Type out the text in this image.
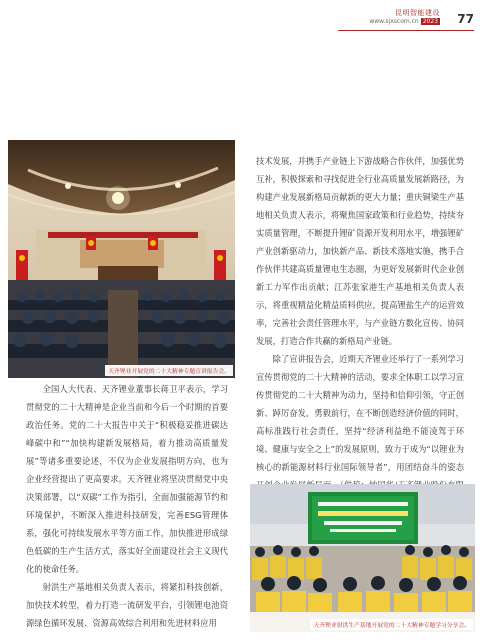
昆明智能建设
www.sjxscom.cn 2023 77
天齐锂业开展党的二十大精神专题宣讲报告会。

全国人大代表、天齐锂业董事长蒋卫平表示，学习贯彻党的二十大精神是企业当前和今后一个时期的首要政治任务。党的二十大报告中关于“积极稳妥推进碳达峰碳中和”“加快构建新发展格局，着力推动高质量发展”等诸多重要论述，不仅为企业发展指明方向，也为企业经营提出了更高要求。天齐锂业将坚决贯彻党中央决策部署，以“双碳”工作为指引，全面加强能源节约和环境保护，不断深入推进科技研发，完善ESG管理体系，强化可持续发展水平等方面工作，加快推进形成绿色低碳的生产生活方式，落实好全面建设社会主义现代化的使命任务。

射洪生产基地相关负责人表示，将紧扣科技创新，加快技术转型，着力打造一流研发平台，引领锂电池资源绿色循环发展、资源高效综合利用和先进材料应用

技术发展，并携手产业链上下游战略合作伙伴，加强优势互补，积极探索和寻找促进全行业高质量发展新路径，为构建产业发展新格局贡献新的更大力量；重庆铜梁生产基地相关负责人表示，将聚焦国家政策和行业趋势，持续夯实质量管理，不断提升锂矿资源开发利用水平，增强锂矿产业创新驱动力，加快新产品、新技术落地实施，携手合作伙伴共建高质量锂电生态圈，为更好发展新时代企业创新工力军作出贡献；江苏张家港生产基地相关负责人表示，将重视精益化精益质料供应，提高锂盐生产的运营效率，完善社会责任管理水平，与产业链方数化宣传、协同发展，打造合作共赢的新格局产业链。

除了宣讲报告会，近期天齐锂业还举行了一系列学习宣传贯彻党的二十大精神的活动，要求全体职工以学习宣传贯彻党的二十大精神为动力，坚持和信仰引领，守正创新、踔厉奋发，勇毅前行，在不断创造经济价值的同时，高标准践行社会责任，坚持“经济利益绝不能凌驾于环境、健康与安全之上”的发展原则，致力于成为“以锂业为核心的新能源材料行业国际领导者”，用团结奋斗的姿态

天齐锂业射洪生产基地开展党的二十大精神专题学习分享会。
